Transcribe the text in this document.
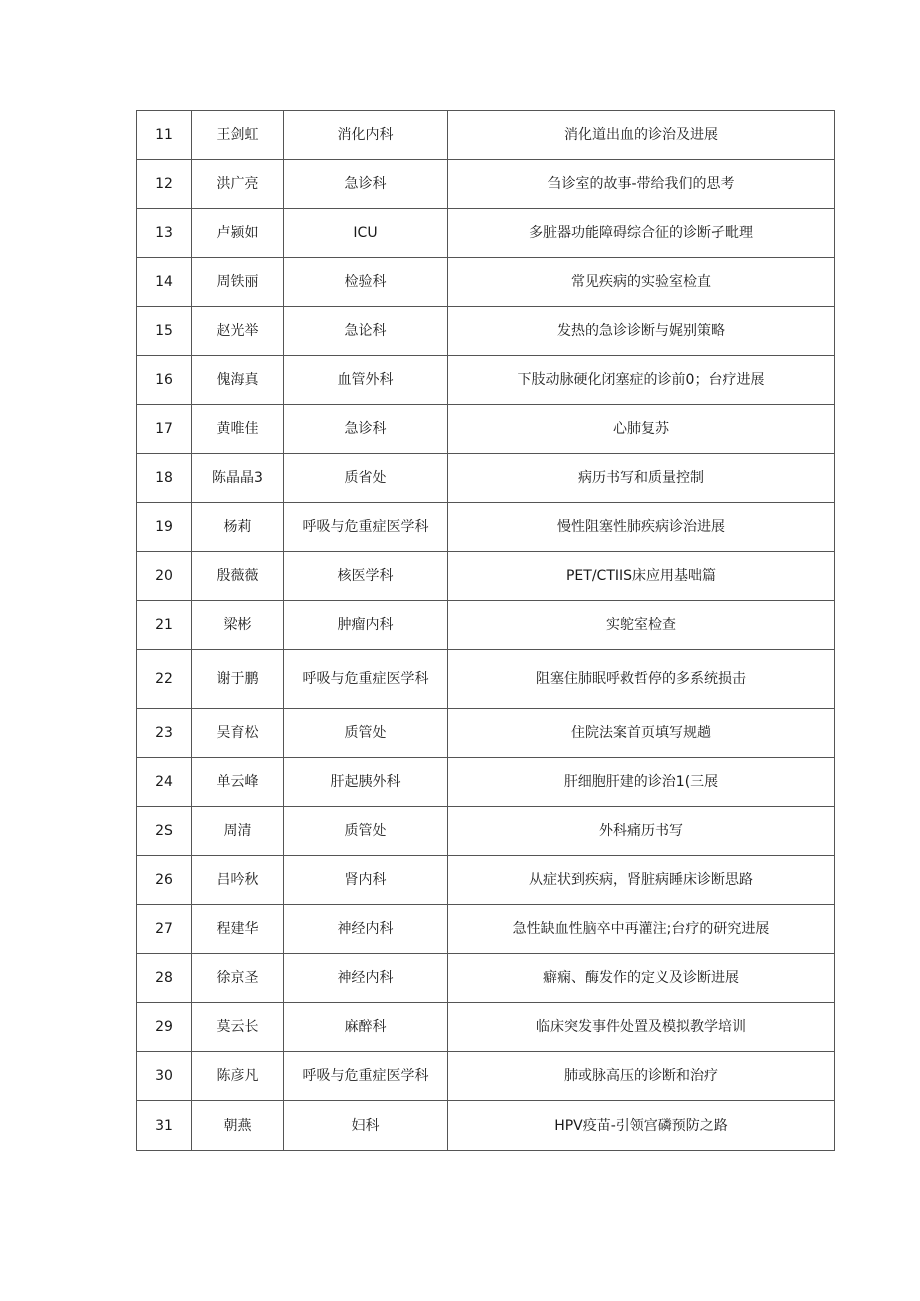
11	王剑虹	消化内科	消化道出血的诊治及进展
12	洪广亮	急诊科	刍诊室的故事-带给我们的思考
13	卢颍如	ICU	多脏器功能障碍综合征的诊断孑毗理
14	周铁丽	检验科	常见疾病的实验室检直
15	赵光举	急论科	发热的急诊诊断与娓别策略
16	傀海真	血管外科	下肢动脉硬化闭塞症的诊前0；台疗进展
17	黄唯佳	急诊科	心肺复苏
18	陈晶晶3	质省处	病历书写和质量控制
19	杨莉	呼吸与危重症医学科	慢性阻塞性肺疾病诊治进展
20	殷薇薇	核医学科	PET/CTIIS床应用基咄篇
21	梁彬	肿瘤内科	实鸵室检查
22	谢于鹏	呼吸与危重症医学科	阻塞住肺眠呼救哲停的多系统损击
23	吴育松	质管处	住院法案首页填写规趟
24	单云峰	肝起胰外科	肝细胞肝建的诊治1(三展
2S	周清	质管处	外科痛历书写
26	吕吟秋	肾内科	从症状到疾病，肾脏病睡床诊断思路
27	程建华	神经内科	急性缺血性脑卒中再灌注;台疗的研究进展
28	徐京圣	神经内科	癖痫、酶发作的定义及诊断进展
29	莫云长	麻醉科	临床突发事件处置及模拟教学培训
30	陈彦凡	呼吸与危重症医学科	肺或脉高压的诊断和治疗
31	朝燕	妇科	HPV疫苗-引领宫磷预防之路
